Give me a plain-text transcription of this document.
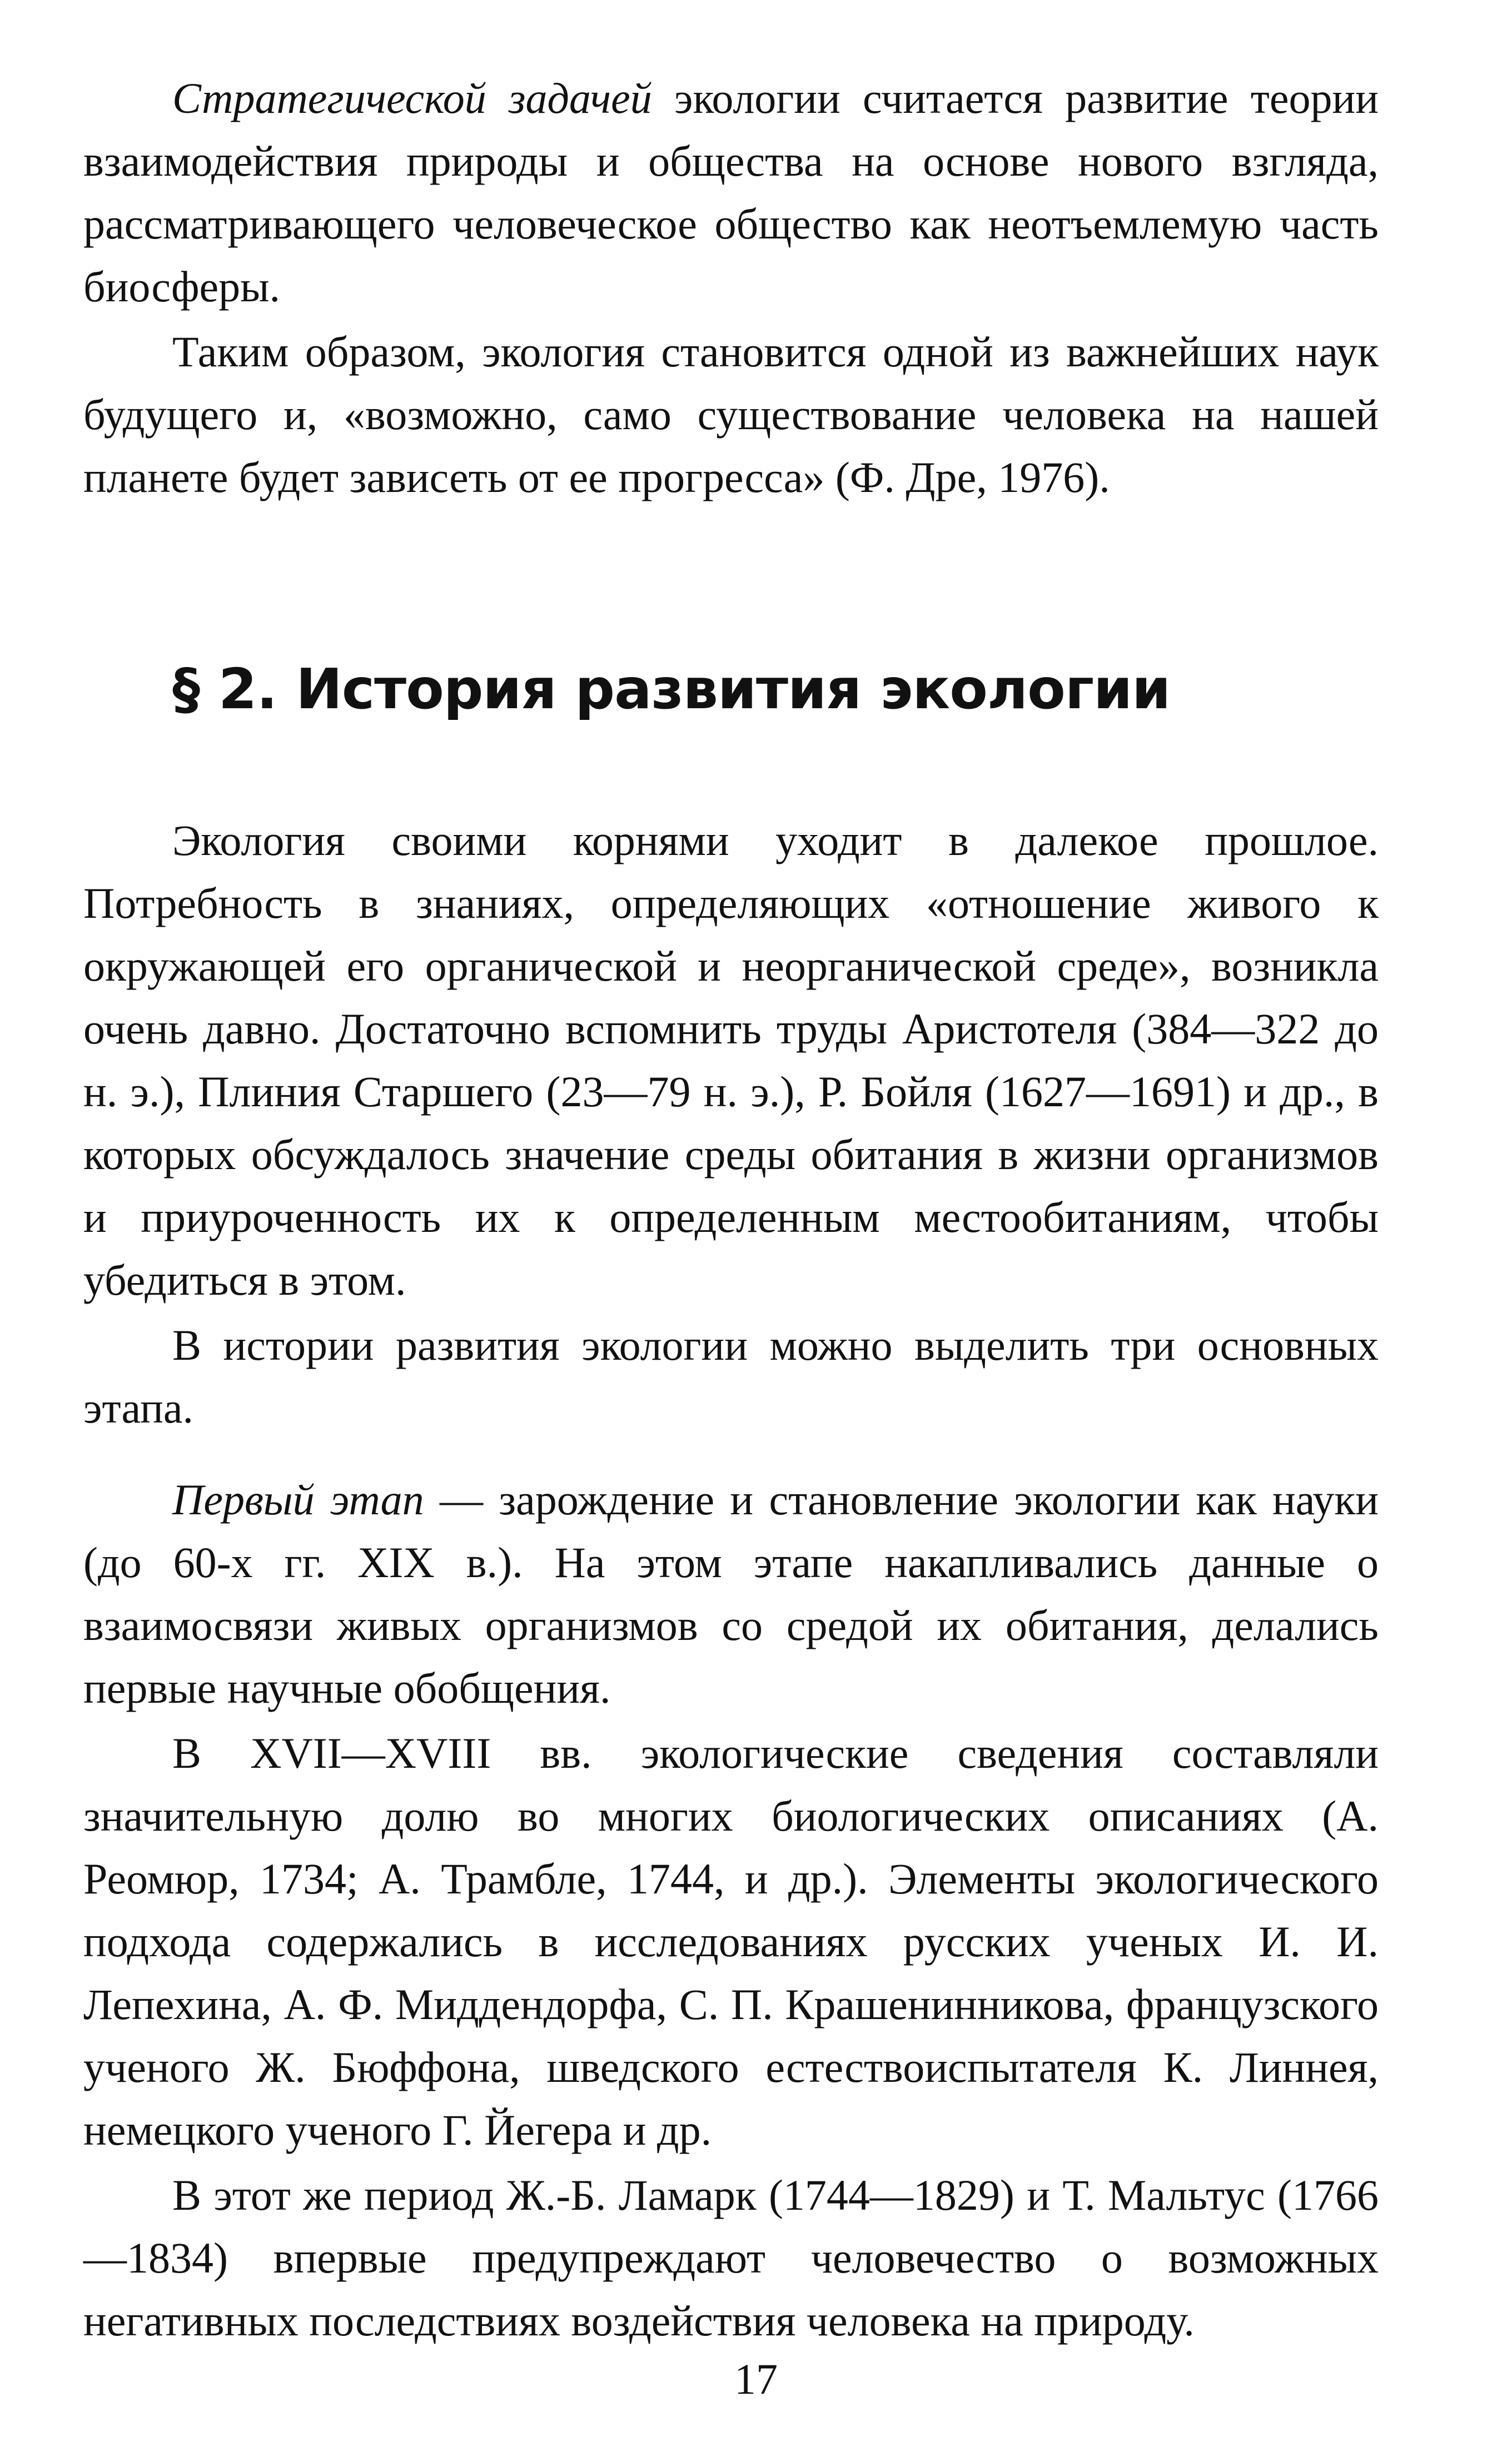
Стратегической задачей экологии считается развитие теории взаимодействия природы и общества на основе нового взгляда, рассматривающего человеческое общество как неотъемлемую часть биосферы.

Таким образом, экология становится одной из важнейших наук будущего и, «возможно, само существование человека на нашей планете будет зависеть от ее прогресса» (Ф. Дре, 1976).

§ 2. История развития экологии

Экология своими корнями уходит в далекое прошлое. Потребность в знаниях, определяющих «отношение живого к окружающей его органической и неорганической среде», возникла очень давно. Достаточно вспомнить труды Аристотеля (384—322 до н. э.), Плиния Старшего (23—79 н. э.), Р. Бойля (1627—1691) и др., в которых обсуждалось значение среды обитания в жизни организмов и приуроченность их к определенным местообитаниям, чтобы убедиться в этом.

В истории развития экологии можно выделить три основных этапа.

Первый этап — зарождение и становление экологии как науки (до 60-х гг. XIX в.). На этом этапе накапливались данные о взаимосвязи живых организмов со средой их обитания, делались первые научные обобщения.

В XVII—XVIII вв. экологические сведения составляли значительную долю во многих биологических описаниях (А. Реомюр, 1734; А. Трамбле, 1744, и др.). Элементы экологического подхода содержались в исследованиях русских ученых И. И. Лепехина, А. Ф. Миддендорфа, С. П. Крашенинникова, французского ученого Ж. Бюффона, шведского естествоиспытателя К. Линнея, немецкого ученого Г. Йегера и др.

В этот же период Ж.-Б. Ламарк (1744—1829) и Т. Мальтус (1766—1834) впервые предупреждают человечество о возможных негативных последствиях воздействия человека на природу.

17
